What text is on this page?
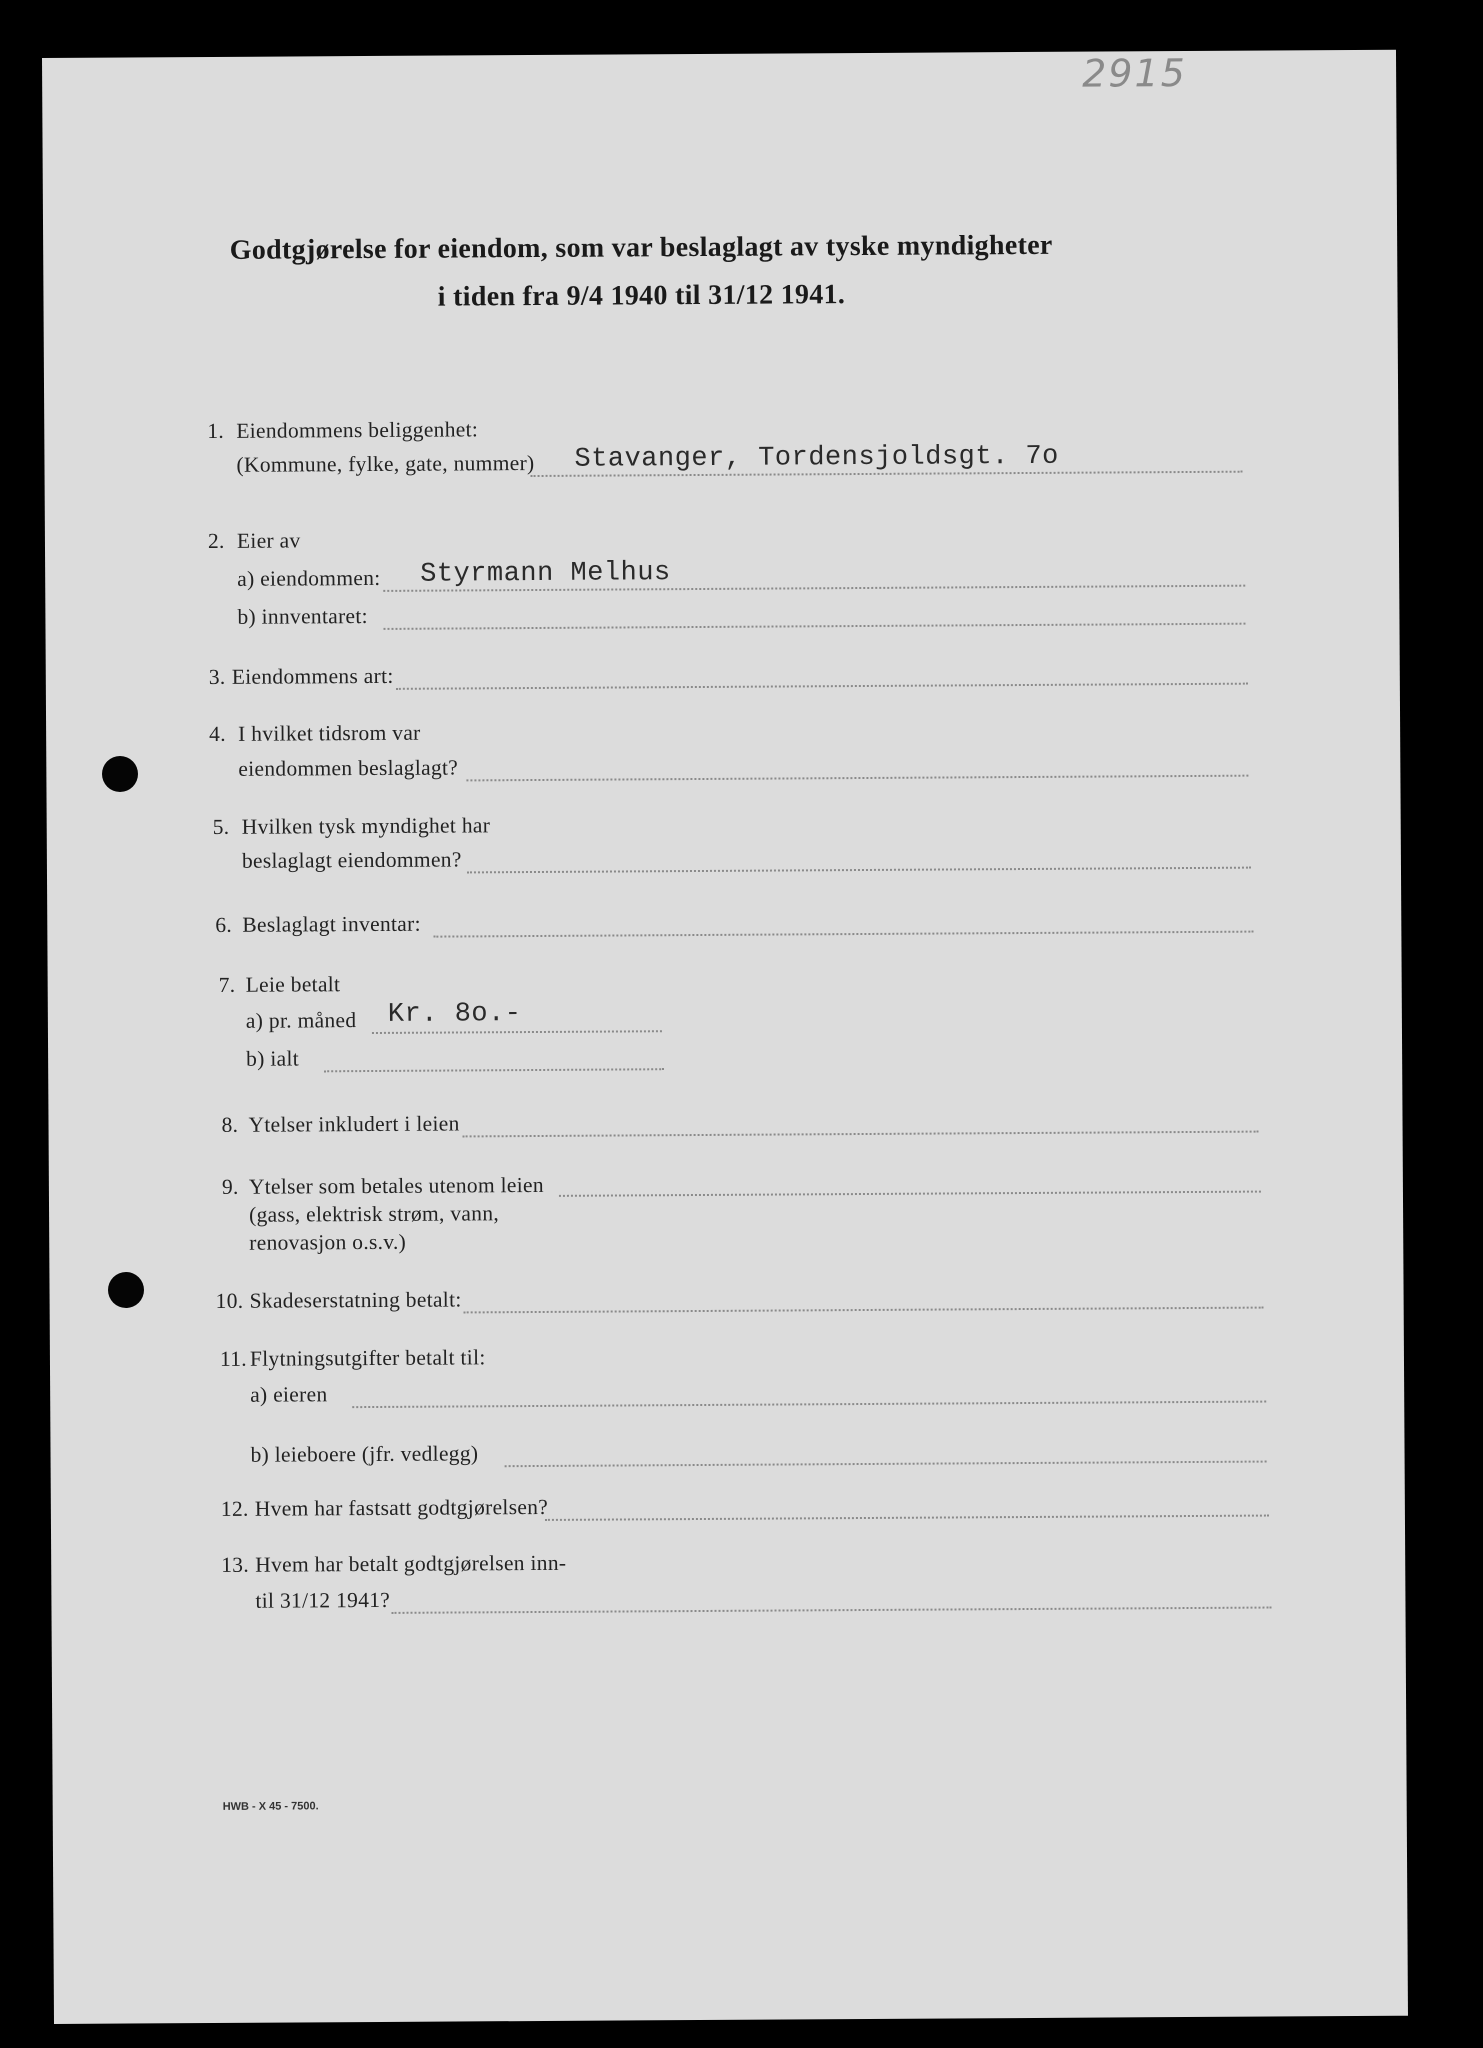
2915
Godtgjørelse for eiendom, som var beslaglagt av tyske myndigheter
i tiden fra 9/4 1940 til 31/12 1941.
1. Eiendommens beliggenhet:
(Kommune, fylke, gate, nummer) Stavanger, Tordensjoldsgt. 7o
2. Eier av
a) eiendommen: Styrmann Melhus
b) innventaret:
3. Eiendommens art:
4. I hvilket tidsrom var
eiendommen beslaglagt?
5. Hvilken tysk myndighet har
beslaglagt eiendommen?
6. Beslaglagt inventar:
7. Leie betalt
a) pr. måned Kr. 8o.-
b) ialt
8. Ytelser inkludert i leien
9. Ytelser som betales utenom leien
(gass, elektrisk strøm, vann,
renovasjon o.s.v.)
10. Skadeserstatning betalt:
11. Flytningsutgifter betalt til:
a) eieren
b) leieboere (jfr. vedlegg)
12. Hvem har fastsatt godtgjørelsen?
13. Hvem har betalt godtgjørelsen inn-
til 31/12 1941?
HWB - X 45 - 7500.
